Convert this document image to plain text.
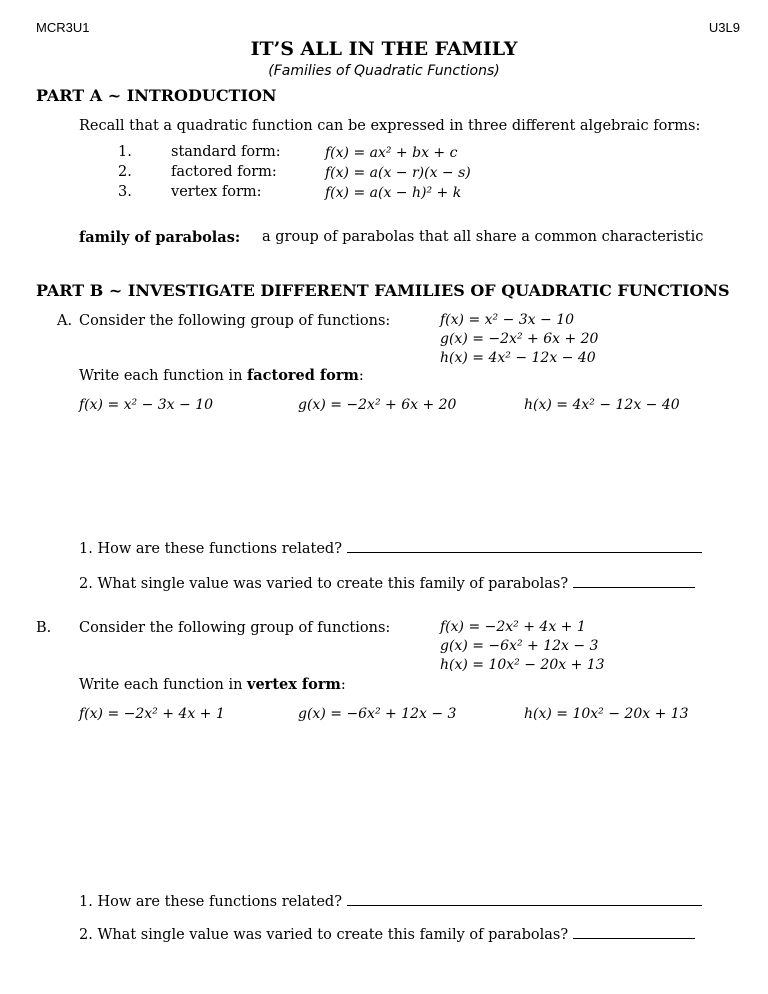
MCR3U1	U3L9
IT’S ALL IN THE FAMILY
(Families of Quadratic Functions)
PART A ~ INTRODUCTION
Recall that a quadratic function can be expressed in three different algebraic forms:
1.	standard form:	f(x) = ax² + bx + c
2.	factored form:	f(x) = a(x − r)(x − s)
3.	vertex form:	f(x) = a(x − h)² + k
family of parabolas: a group of parabolas that all share a common characteristic
PART B ~ INVESTIGATE DIFFERENT FAMILIES OF QUADRATIC FUNCTIONS
A. Consider the following group of functions:	f(x) = x² − 3x − 10
g(x) = −2x² + 6x + 20
h(x) = 4x² − 12x − 40
Write each function in factored form:
f(x) = x² − 3x − 10	g(x) = −2x² + 6x + 20	h(x) = 4x² − 12x − 40
1. How are these functions related?
2. What single value was varied to create this family of parabolas?
B. Consider the following group of functions:	f(x) = −2x² + 4x + 1
g(x) = −6x² + 12x − 3
h(x) = 10x² − 20x + 13
Write each function in vertex form:
f(x) = −2x² + 4x + 1	g(x) = −6x² + 12x − 3	h(x) = 10x² − 20x + 13
1. How are these functions related?
2. What single value was varied to create this family of parabolas?
